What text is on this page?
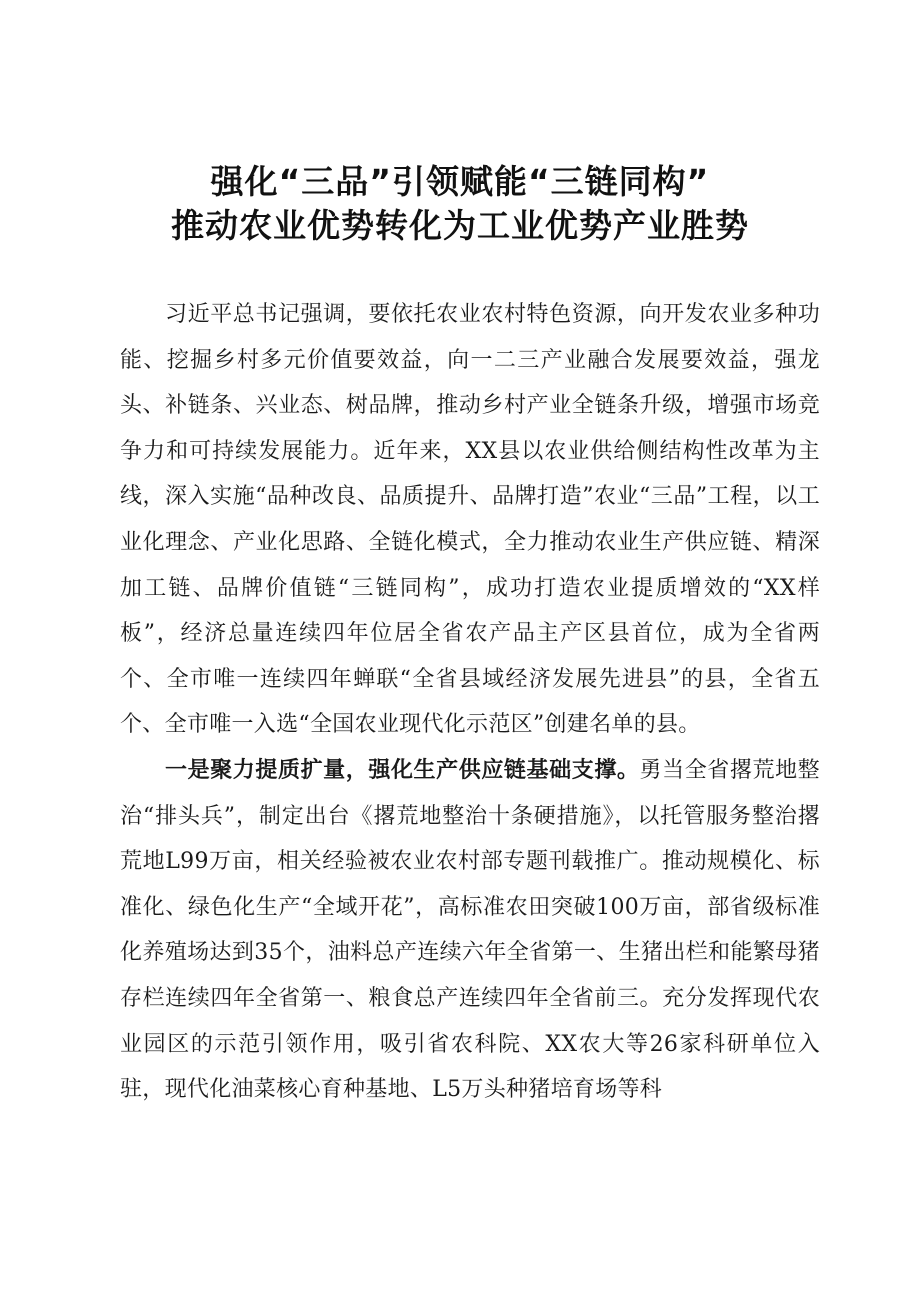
强化“三品”引领赋能“三链同构”
推动农业优势转化为工业优势产业胜势

习近平总书记强调，要依托农业农村特色资源，向开发农业多种功能、挖掘乡村多元价值要效益，向一二三产业融合发展要效益，强龙头、补链条、兴业态、树品牌，推动乡村产业全链条升级，增强市场竞争力和可持续发展能力。近年来，XX县以农业供给侧结构性改革为主线，深入实施“品种改良、品质提升、品牌打造”农业“三品”工程，以工业化理念、产业化思路、全链化模式，全力推动农业生产供应链、精深加工链、品牌价值链“三链同构”，成功打造农业提质增效的“XX样板”，经济总量连续四年位居全省农产品主产区县首位，成为全省两个、全市唯一连续四年蝉联“全省县域经济发展先进县”的县，全省五个、全市唯一入选“全国农业现代化示范区”创建名单的县。

一是聚力提质扩量，强化生产供应链基础支撑。勇当全省撂荒地整治“排头兵”，制定出台《撂荒地整治十条硬措施》，以托管服务整治撂荒地L99万亩，相关经验被农业农村部专题刊载推广。推动规模化、标准化、绿色化生产“全域开花”，高标准农田突破100万亩，部省级标准化养殖场达到35个，油料总产连续六年全省第一、生猪出栏和能繁母猪存栏连续四年全省第一、粮食总产连续四年全省前三。充分发挥现代农业园区的示范引领作用，吸引省农科院、XX农大等26家科研单位入驻，现代化油菜核心育种基地、L5万头种猪培育场等科
